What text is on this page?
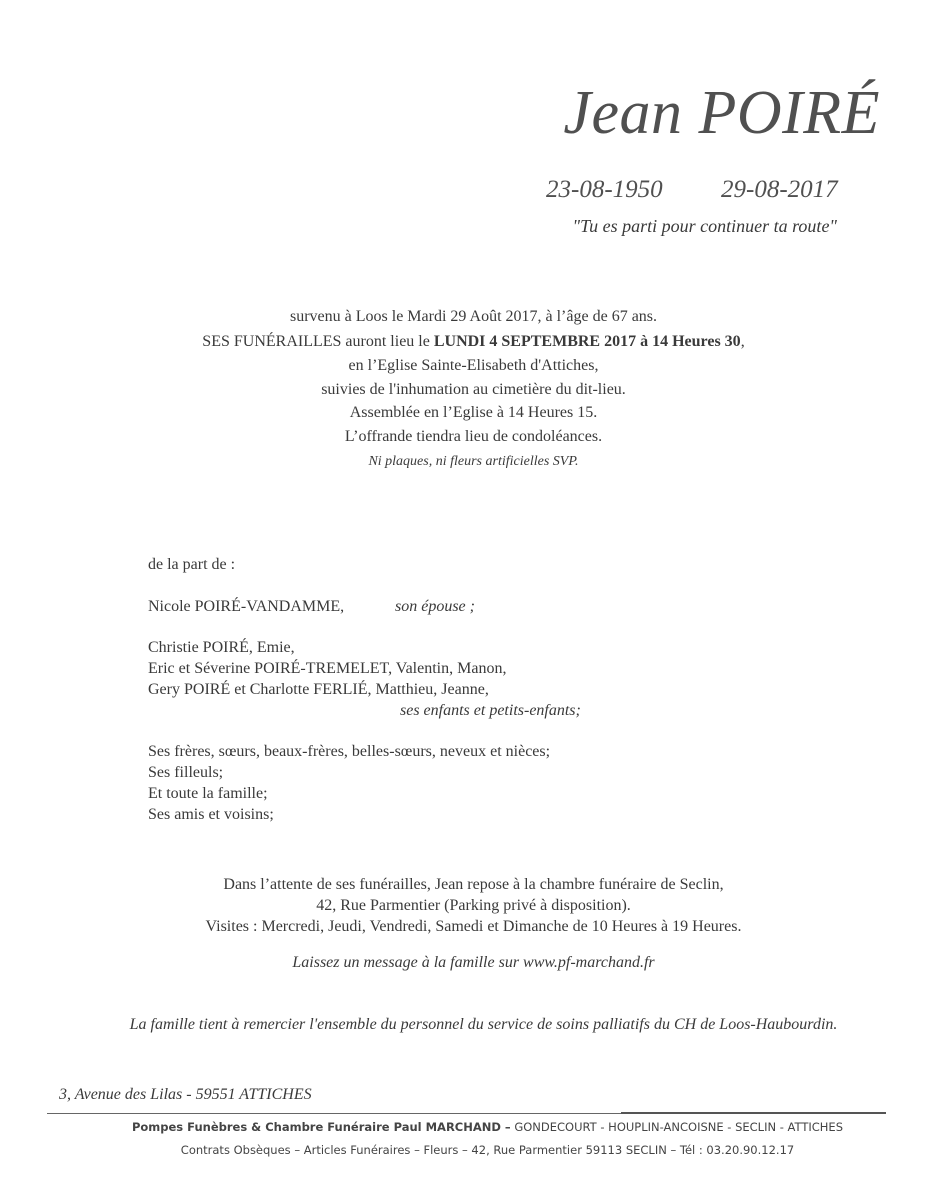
Jean POIRÉ
23-08-1950 29-08-2017
"Tu es parti pour continuer ta route"
survenu à Loos le Mardi 29 Août 2017, à l’âge de 67 ans.
SES FUNÉRAILLES auront lieu le LUNDI 4 SEPTEMBRE 2017 à 14 Heures 30,
en l’Eglise Sainte-Elisabeth d'Attiches,
suivies de l'inhumation au cimetière du dit-lieu.
Assemblée en l’Eglise à 14 Heures 15.
L’offrande tiendra lieu de condoléances.
Ni plaques, ni fleurs artificielles SVP.
de la part de :
Nicole POIRÉ-VANDAMME,	son épouse ;
Christie POIRÉ, Emie,
Eric et Séverine POIRÉ-TREMELET, Valentin, Manon,
Gery POIRÉ et Charlotte FERLIÉ, Matthieu, Jeanne,
ses enfants et petits-enfants;
Ses frères, sœurs, beaux-frères, belles-sœurs, neveux et nièces;
Ses filleuls;
Et toute la famille;
Ses amis et voisins;
Dans l’attente de ses funérailles, Jean repose à la chambre funéraire de Seclin,
42, Rue Parmentier (Parking privé à disposition).
Visites : Mercredi, Jeudi, Vendredi, Samedi et Dimanche de 10 Heures à 19 Heures.
Laissez un message à la famille sur www.pf-marchand.fr
La famille tient à remercier l'ensemble du personnel du service de soins palliatifs du CH de Loos-Haubourdin.
3, Avenue des Lilas - 59551 ATTICHES
Pompes Funèbres & Chambre Funéraire Paul MARCHAND – GONDECOURT - HOUPLIN-ANCOISNE - SECLIN - ATTICHES
Contrats Obsèques – Articles Funéraires – Fleurs – 42, Rue Parmentier 59113 SECLIN – Tél : 03.20.90.12.17
